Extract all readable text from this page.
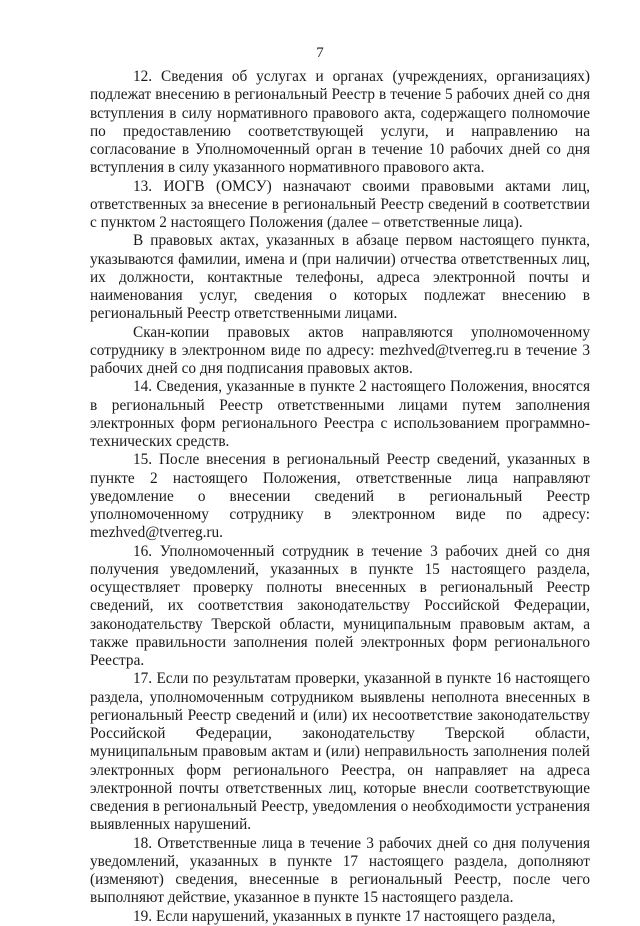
7

12. Сведения об услугах и органах (учреждениях, организациях) подлежат внесению в региональный Реестр в течение 5 рабочих дней со дня вступления в силу нормативного правового акта, содержащего полномочие по предоставлению соответствующей услуги, и направлению на согласование в Уполномоченный орган в течение 10 рабочих дней со дня вступления в силу указанного нормативного правового акта.

13. ИОГВ (ОМСУ) назначают своими правовыми актами лиц, ответственных за внесение в региональный Реестр сведений в соответствии с пунктом 2 настоящего Положения (далее – ответственные лица).

В правовых актах, указанных в абзаце первом настоящего пункта, указываются фамилии, имена и (при наличии) отчества ответственных лиц, их должности, контактные телефоны, адреса электронной почты и наименования услуг, сведения о которых подлежат внесению в региональный Реестр ответственными лицами.

Скан-копии правовых актов направляются уполномоченному сотруднику в электронном виде по адресу: mezhved@tverreg.ru в течение 3 рабочих дней со дня подписания правовых актов.

14. Сведения, указанные в пункте 2 настоящего Положения, вносятся в региональный Реестр ответственными лицами путем заполнения электронных форм регионального Реестра с использованием программно-технических средств.

15. После внесения в региональный Реестр сведений, указанных в пункте 2 настоящего Положения, ответственные лица направляют уведомление о внесении сведений в региональный Реестр уполномоченному сотруднику в электронном виде по адресу: mezhved@tverreg.ru.

16. Уполномоченный сотрудник в течение 3 рабочих дней со дня получения уведомлений, указанных в пункте 15 настоящего раздела, осуществляет проверку полноты внесенных в региональный Реестр сведений, их соответствия законодательству Российской Федерации, законодательству Тверской области, муниципальным правовым актам, а также правильности заполнения полей электронных форм регионального Реестра.

17. Если по результатам проверки, указанной в пункте 16 настоящего раздела, уполномоченным сотрудником выявлены неполнота внесенных в региональный Реестр сведений и (или) их несоответствие законодательству Российской Федерации, законодательству Тверской области, муниципальным правовым актам и (или) неправильность заполнения полей электронных форм регионального Реестра, он направляет на адреса электронной почты ответственных лиц, которые внесли соответствующие сведения в региональный Реестр, уведомления о необходимости устранения выявленных нарушений.

18. Ответственные лица в течение 3 рабочих дней со дня получения уведомлений, указанных в пункте 17 настоящего раздела, дополняют (изменяют) сведения, внесенные в региональный Реестр, после чего выполняют действие, указанное в пункте 15 настоящего раздела.

19. Если нарушений, указанных в пункте 17 настоящего раздела,
